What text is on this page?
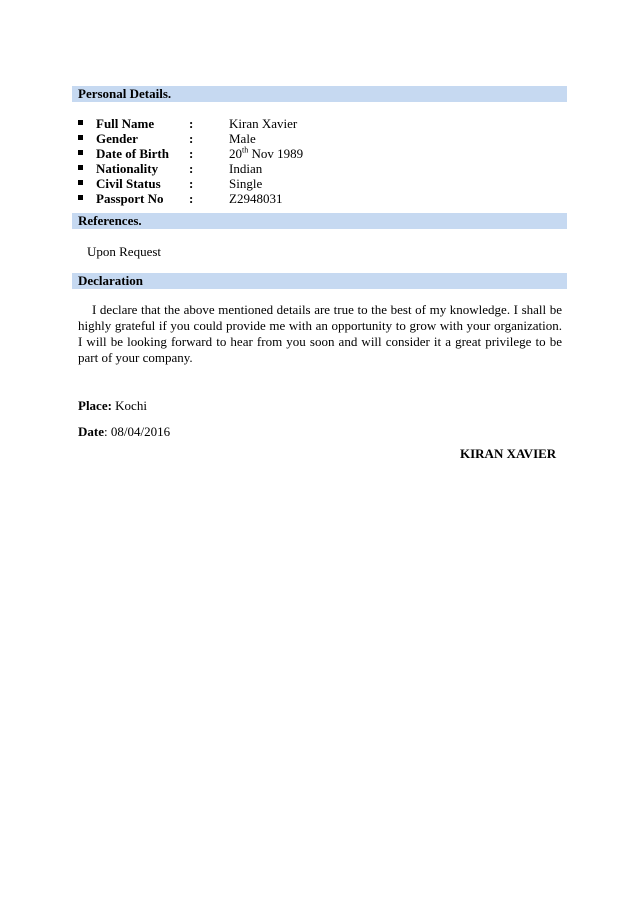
Personal Details.
Full Name	:	Kiran Xavier
Gender	:	Male
Date of Birth :	20th Nov 1989
Nationality :	Indian
Civil Status :	Single
Passport No :	Z2948031
References.
Upon Request
Declaration
I declare that the above mentioned details are true to the best of my knowledge. I shall be highly grateful if you could provide me with an opportunity to grow with your organization. I will be looking forward to hear from you soon and will consider it a great privilege to be part of your company.
Place: Kochi
Date: 08/04/2016
KIRAN XAVIER
